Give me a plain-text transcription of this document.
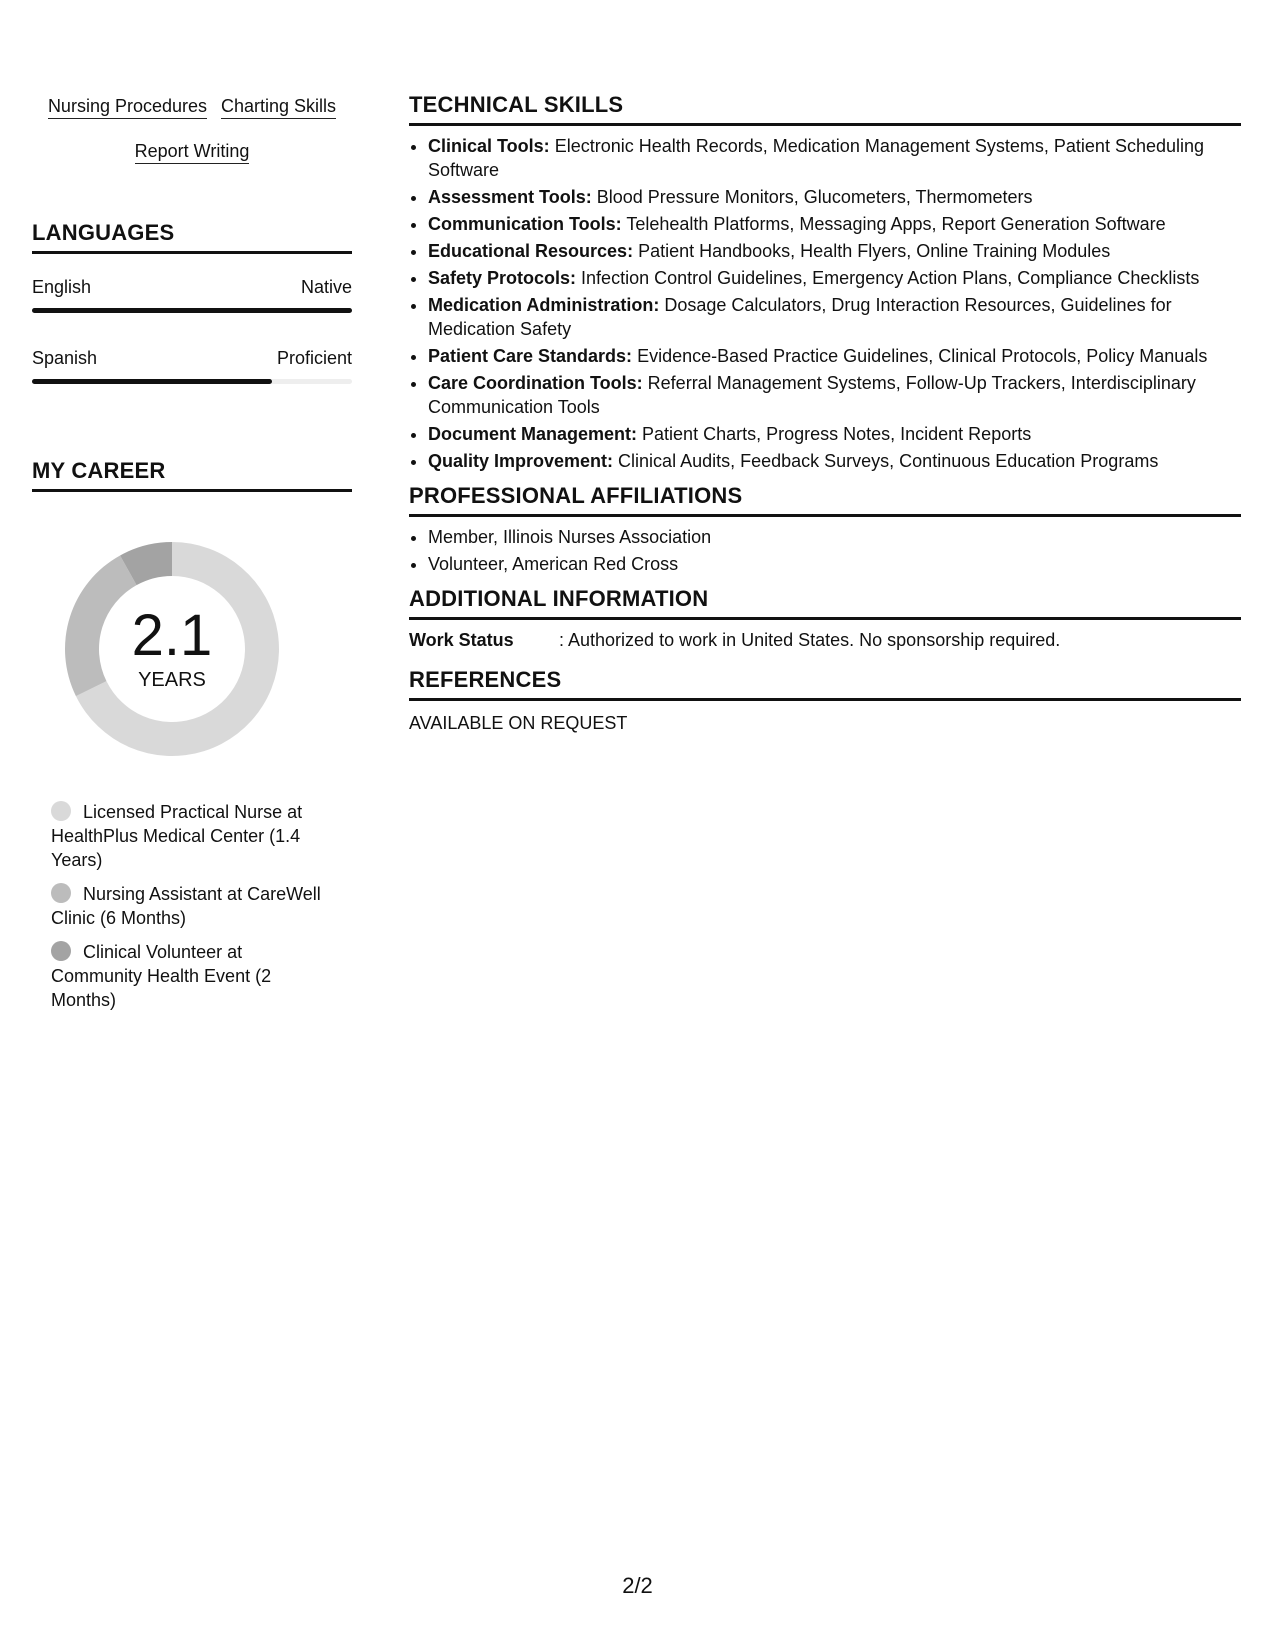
Nursing Procedures Charting Skills
Report Writing
LANGUAGES
English	Native
Spanish	Proficient
MY CAREER
2.1
YEARS
Licensed Practical Nurse at HealthPlus Medical Center (1.4 Years)
Nursing Assistant at CareWell Clinic (6 Months)
Clinical Volunteer at Community Health Event (2 Months)
TECHNICAL SKILLS
• Clinical Tools: Electronic Health Records, Medication Management Systems, Patient Scheduling Software
• Assessment Tools: Blood Pressure Monitors, Glucometers, Thermometers
• Communication Tools: Telehealth Platforms, Messaging Apps, Report Generation Software
• Educational Resources: Patient Handbooks, Health Flyers, Online Training Modules
• Safety Protocols: Infection Control Guidelines, Emergency Action Plans, Compliance Checklists
• Medication Administration: Dosage Calculators, Drug Interaction Resources, Guidelines for Medication Safety
• Patient Care Standards: Evidence-Based Practice Guidelines, Clinical Protocols, Policy Manuals
• Care Coordination Tools: Referral Management Systems, Follow-Up Trackers, Interdisciplinary Communication Tools
• Document Management: Patient Charts, Progress Notes, Incident Reports
• Quality Improvement: Clinical Audits, Feedback Surveys, Continuous Education Programs
PROFESSIONAL AFFILIATIONS
• Member, Illinois Nurses Association
• Volunteer, American Red Cross
ADDITIONAL INFORMATION
Work Status	: Authorized to work in United States. No sponsorship required.
REFERENCES
AVAILABLE ON REQUEST
2/2
